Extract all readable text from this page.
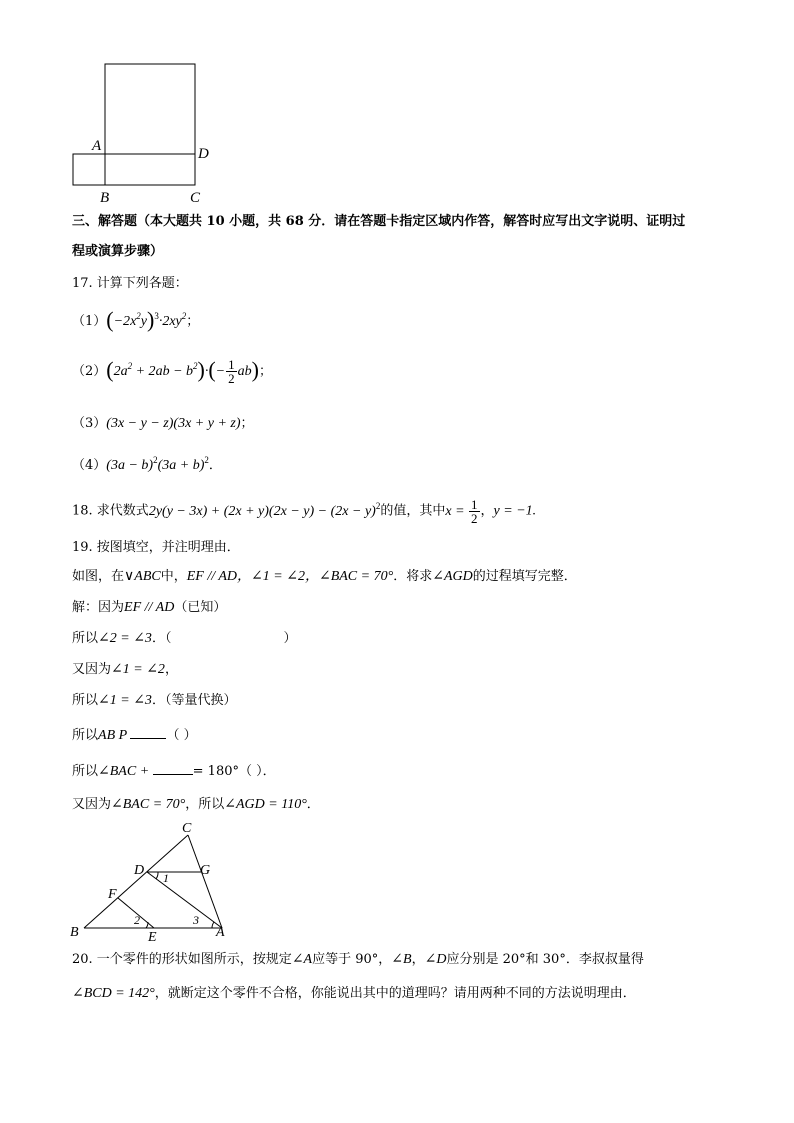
A	D
B	C
三、解答题（本大题共 10 小题，共 68 分．请在答题卡指定区域内作答，解答时应写出文字说明、证明过
程或演算步骤）
17. 计算下列各题：
$(1)(-2x^2y)^3\cdot 2xy^2$；
$(2)(2a^2 + 2ab - b^2)\cdot(- \frac{1}{2} ab)$；
（3）(3x − y − z)(3x + y + z)；
$(4)(3a - b)^2(3a + b)^2$．
18. 求代数式$2y(y - 3x) + (2x + y)(2x - y) - (2x - y)^2$的值，其中$x = \frac{1}{2}$ ，y = −1.
19. 按图填空，并注明理由．
如图，在∨ABC中，EF // AD，∠1 = ∠2，∠BAC = 70°．将求∠AGD的过程填写完整．
解：因为EF // AD（已知）
所以∠2 = ∠3．（	）
又因为∠1 = ∠2，
所以∠1 = ∠3．（等量代换）
所以AB P	（ ）
所以∠BAC +	= 180°（ ）．
又因为∠BAC = 70°，所以∠AGD = 110°．
C
D	G
F
B	E	A
1
2	3
20. 一个零件的形状如图所示，按规定∠A应等于 90°，∠B，∠D应分别是 20°和 30°．李叔叔量得
∠BCD = 142°，就断定这个零件不合格，你能说出其中的道理吗？请用两种不同的方法说明理由．
